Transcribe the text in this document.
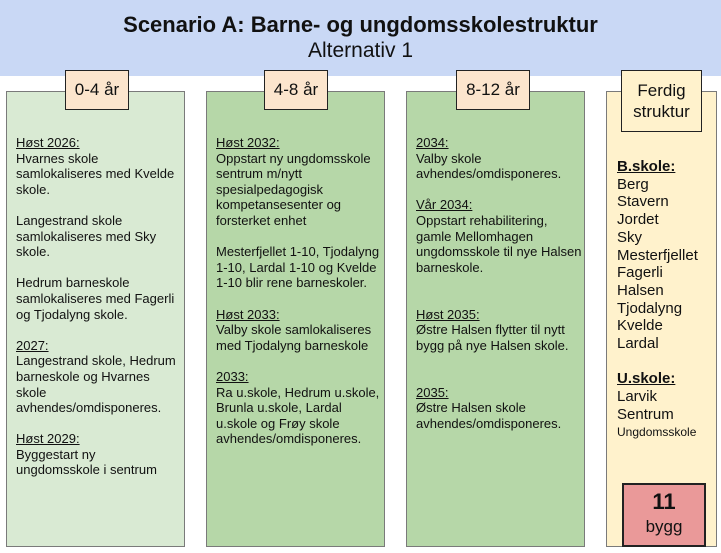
Scenario A: Barne- og ungdomsskolestruktur
Alternativ 1
0-4 år	4-8 år	8-12 år	Ferdig struktur
Høst 2026:
Hvarnes skole samlokaliseres med Kvelde skole.
Langestrand skole samlokaliseres med Sky skole.
Hedrum barneskole samlokaliseres med Fagerli og Tjodalyng skole.
2027:
Langestrand skole, Hedrum barneskole og Hvarnes skole avhendes/omdisponeres.
Høst 2029:
Byggestart ny ungdomsskole i sentrum
Høst 2032:
Oppstart ny ungdomsskole sentrum m/nytt spesialpedagogisk kompetansesenter og forsterket enhet
Mesterfjellet 1-10, Tjodalyng 1-10, Lardal 1-10 og Kvelde 1-10 blir rene barneskoler.
Høst 2033:
Valby skole samlokaliseres med Tjodalyng barneskole
2033:
Ra u.skole, Hedrum u.skole, Brunla u.skole, Lardal u.skole og Frøy skole avhendes/omdisponeres.
2034:
Valby skole avhendes/omdisponeres.
Vår 2034:
Oppstart rehabilitering, gamle Mellomhagen ungdomsskole til nye Halsen barneskole.
Høst 2035:
Østre Halsen flytter til nytt bygg på nye Halsen skole.
2035:
Østre Halsen skole avhendes/omdisponeres.
B.skole:
Berg
Stavern
Jordet
Sky
Mesterfjellet
Fagerli
Halsen
Tjodalyng
Kvelde
Lardal
U.skole:
Larvik
Sentrum
Ungdomsskole
11
bygg
